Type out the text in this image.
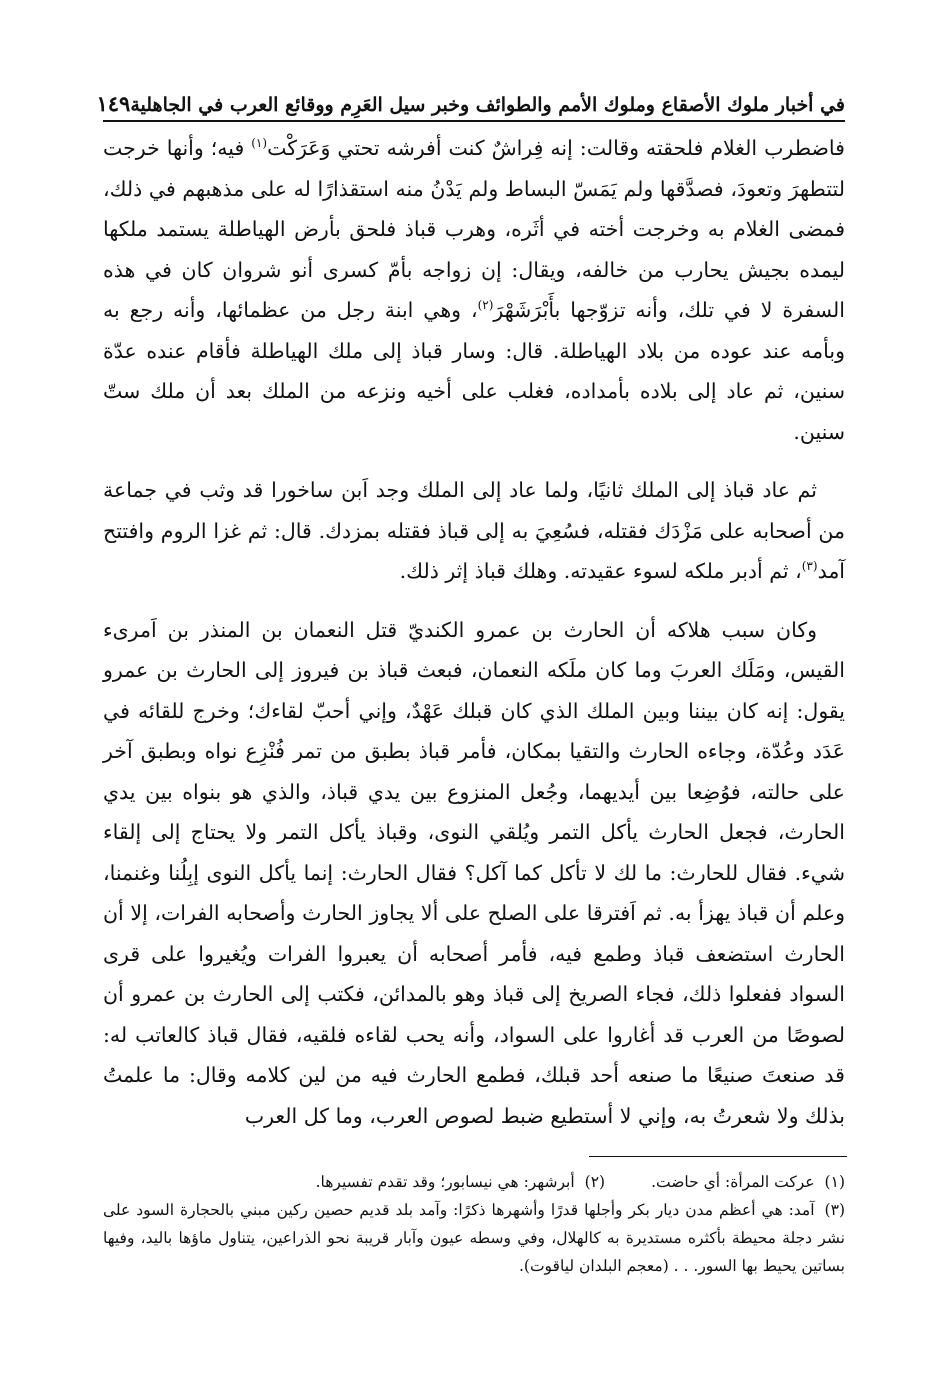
في أخبار ملوك الأصقاع وملوك الأمم والطوائف وخبر سيل العَرِم ووقائع العرب في الجاهلية
١٤٩

فاضطرب الغلام فلحقته وقالت: إنه فِراشٌ كنت أفرشه تحتي وَعَرَكْت$^{(١)}$ فيه؛ وأنها خرجت لتتطهرَ وتعودَ، فصدَّقها ولم يَمَسّ البساط ولم يَدْنُ منه استقذارًا له على مذهبهم في ذلك، فمضى الغلام به وخرجت أخته في أثَره، وهرب قباذ فلحق بأرض الهياطلة يستمد ملكها ليمده بجيش يحارب من خالفه، ويقال: إن زواجه بأمّ كسرى أنو شروان كان في هذه السفرة لا في تلك، وأنه تزوّجها بأَبْرَشَهْرَ$^{(٢)}$، وهي ابنة رجل من عظمائها، وأنه رجع به وبأمه عند عوده من بلاد الهياطلة. قال: وسار قباذ إلى ملك الهياطلة فأقام عنده عدّة سنين، ثم عاد إلى بلاده بأمداده، فغلب على أخيه ونزعه من الملك بعد أن ملك ستّ سنين.

ثم عاد قباذ إلى الملك ثانيًا، ولما عاد إلى الملك وجد اَبن ساخورا قد وثب في جماعة من أصحابه على مَزْدَك فقتله، فسُعِيَ به إلى قباذ فقتله بمزدك. قال: ثم غزا الروم وافتتح آمد$^{(٣)}$، ثم أدبر ملكه لسوء عقيدته. وهلك قباذ إثر ذلك.

وكان سبب هلاكه أن الحارث بن عمرو الكنديّ قتل النعمان بن المنذر بن اَمرىء القيس، ومَلَك العربَ وما كان ملَكه النعمان، فبعث قباذ بن فيروز إلى الحارث بن عمرو يقول: إنه كان بيننا وبين الملك الذي كان قبلك عَهْدٌ، وإني أحبّ لقاءك؛ وخرج للقائه في عَدَد وعُدّة، وجاءه الحارث والتقيا بمكان، فأمر قباذ بطبق من تمر فُنْزِع نواه وبطبق آخر على حالته، فوُضِعا بين أيديهما، وجُعل المنزوع بين يدي قباذ، والذي هو بنواه بين يدي الحارث، فجعل الحارث يأكل التمر ويُلقي النوى، وقباذ يأكل التمر ولا يحتاج إلى إلقاء شيء. فقال للحارث: ما لك لا تأكل كما آكل؟ فقال الحارث: إنما يأكل النوى إبِلُنا وغنمنا، وعلم أن قباذ يهزأ به. ثم اَفترقا على الصلح على ألا يجاوز الحارث وأصحابه الفرات، إلا أن الحارث استضعف قباذ وطمع فيه، فأمر أصحابه أن يعبروا الفرات ويُغيروا على قرى السواد ففعلوا ذلك، فجاء الصريخ إلى قباذ وهو بالمدائن، فكتب إلى الحارث بن عمرو أن لصوصًا من العرب قد أغاروا على السواد، وأنه يحب لقاءه فلقيه، فقال قباذ كالعاتب له: قد صنعتَ صنيعًا ما صنعه أحد قبلك، فطمع الحارث فيه من لين كلامه وقال: ما علمتُ بذلك ولا شعرتُ به، وإني لا أستطيع ضبط لصوص العرب، وما كل العرب

(١)عركت المرأة: أي حاضت.

(٢)أبرشهر: هي نيسابور؛ وقد تقدم تفسيرها.

(٣)آمد: هي أعظم مدن ديار بكر وأجلها قدرًا وأشهرها ذكرًا: وآمد بلد قديم حصين ركين مبني بالحجارة السود على نشر دجلة محيطة بأكثره مستديرة به كالهلال، وفي وسطه عيون وآبار قريبة نحو الذراعين، يتناول ماؤها باليد، وفيها بساتين يحيط بها السور. . . (معجم البلدان لياقوت).
